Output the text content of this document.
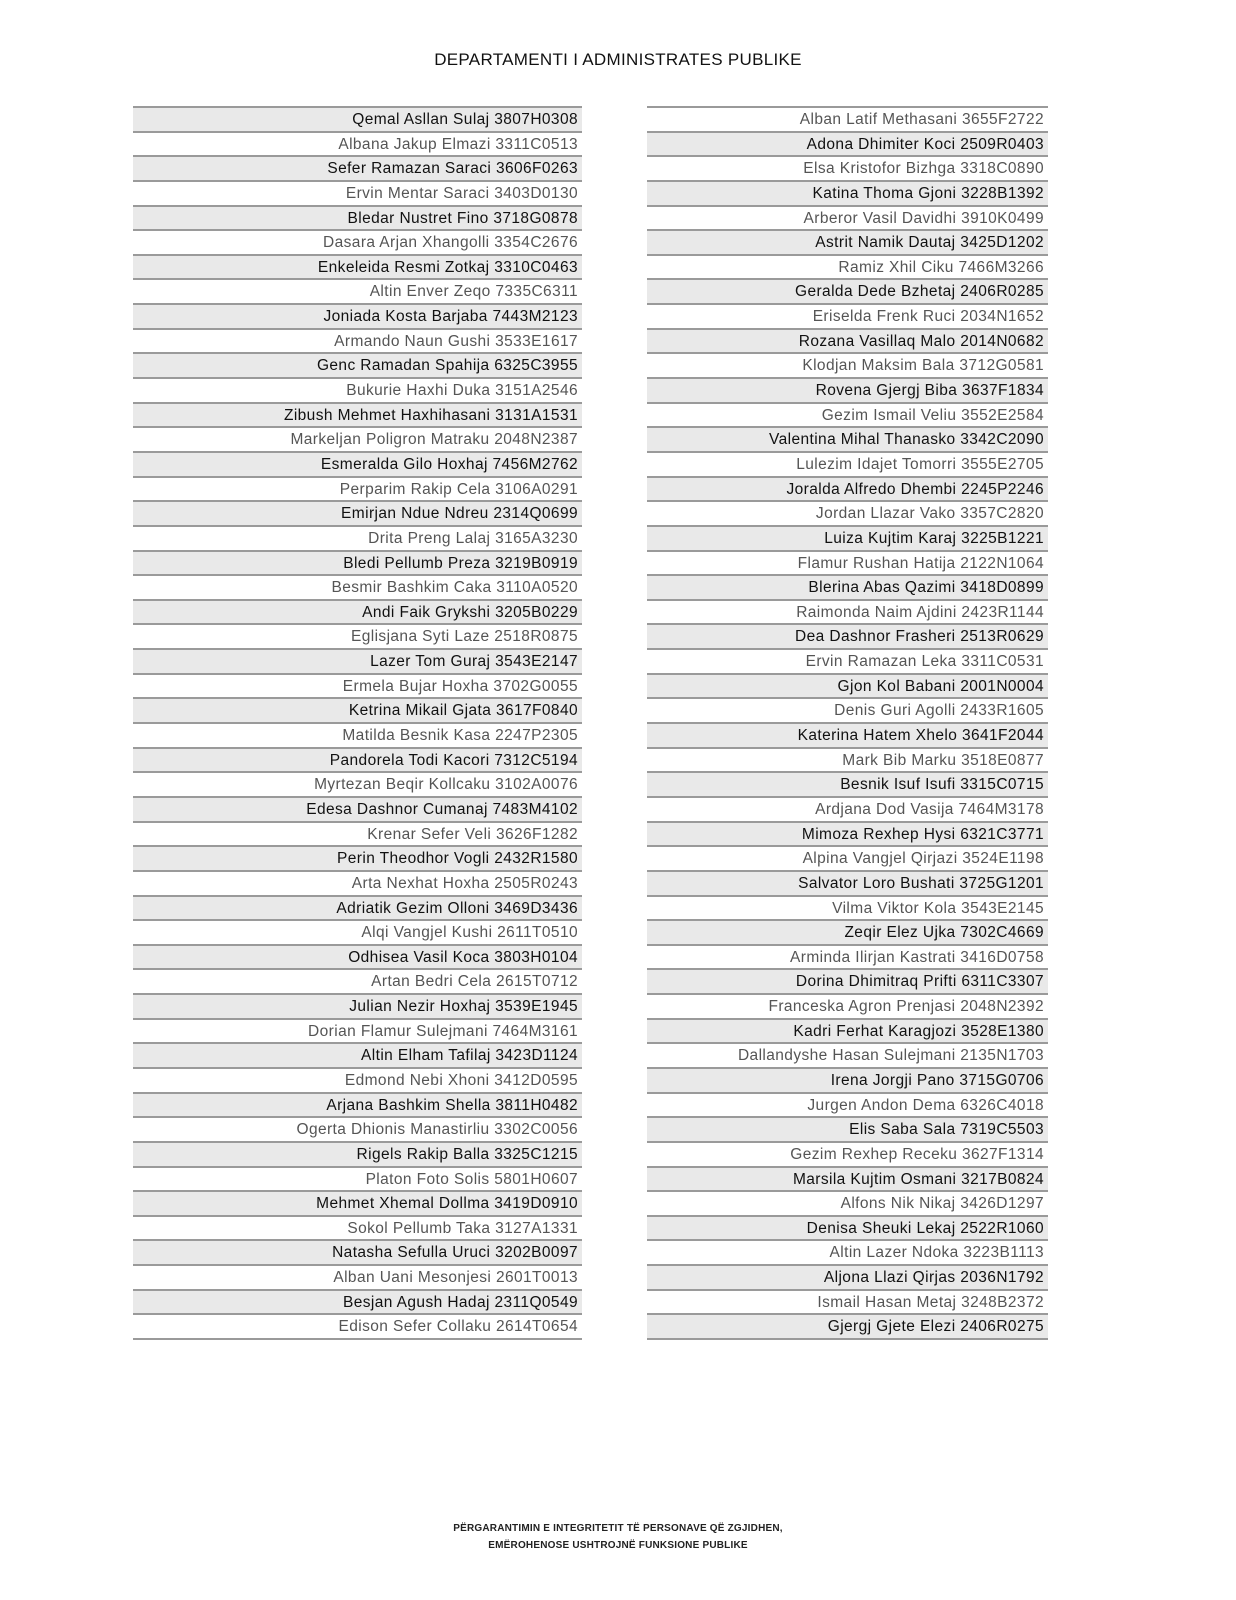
DEPARTAMENTI I ADMINISTRATES PUBLIKE
Qemal Asllan Sulaj 3807H0308
Albana Jakup Elmazi 3311C0513
Sefer Ramazan Saraci 3606F0263
Ervin Mentar Saraci 3403D0130
Bledar Nustret Fino 3718G0878
Dasara Arjan Xhangolli 3354C2676
Enkeleida Resmi Zotkaj 3310C0463
Altin Enver Zeqo 7335C6311
Joniada Kosta Barjaba 7443M2123
Armando Naun Gushi 3533E1617
Genc Ramadan Spahija 6325C3955
Bukurie Haxhi Duka 3151A2546
Zibush Mehmet Haxhihasani 3131A1531
Markeljan Poligron Matraku 2048N2387
Esmeralda Gilo Hoxhaj 7456M2762
Perparim Rakip Cela 3106A0291
Emirjan Ndue Ndreu 2314Q0699
Drita Preng Lalaj 3165A3230
Bledi Pellumb Preza 3219B0919
Besmir Bashkim Caka 3110A0520
Andi Faik Grykshi 3205B0229
Eglisjana Syti Laze 2518R0875
Lazer Tom Guraj 3543E2147
Ermela Bujar Hoxha 3702G0055
Ketrina Mikail Gjata 3617F0840
Matilda Besnik Kasa 2247P2305
Pandorela Todi Kacori 7312C5194
Myrtezan Beqir Kollcaku 3102A0076
Edesa Dashnor Cumanaj 7483M4102
Krenar Sefer Veli 3626F1282
Perin Theodhor Vogli 2432R1580
Arta Nexhat Hoxha 2505R0243
Adriatik Gezim Olloni 3469D3436
Alqi Vangjel Kushi 2611T0510
Odhisea Vasil Koca 3803H0104
Artan Bedri Cela 2615T0712
Julian Nezir Hoxhaj 3539E1945
Dorian Flamur Sulejmani 7464M3161
Altin Elham Tafilaj 3423D1124
Edmond Nebi Xhoni 3412D0595
Arjana Bashkim Shella 3811H0482
Ogerta Dhionis Manastirliu 3302C0056
Rigels Rakip Balla 3325C1215
Platon Foto Solis 5801H0607
Mehmet Xhemal Dollma 3419D0910
Sokol Pellumb Taka 3127A1331
Natasha Sefulla Uruci 3202B0097
Alban Uani Mesonjesi 2601T0013
Besjan Agush Hadaj 2311Q0549
Edison Sefer Collaku 2614T0654
Alban Latif Methasani 3655F2722
Adona Dhimiter Koci 2509R0403
Elsa Kristofor Bizhga 3318C0890
Katina Thoma Gjoni 3228B1392
Arberor Vasil Davidhi 3910K0499
Astrit Namik Dautaj 3425D1202
Ramiz Xhil Ciku 7466M3266
Geralda Dede Bzhetaj 2406R0285
Eriselda Frenk Ruci 2034N1652
Rozana Vasillaq Malo 2014N0682
Klodjan Maksim Bala 3712G0581
Rovena Gjergj Biba 3637F1834
Gezim Ismail Veliu 3552E2584
Valentina Mihal Thanasko 3342C2090
Lulezim Idajet Tomorri 3555E2705
Joralda Alfredo Dhembi 2245P2246
Jordan Llazar Vako 3357C2820
Luiza Kujtim Karaj 3225B1221
Flamur Rushan Hatija 2122N1064
Blerina Abas Qazimi 3418D0899
Raimonda Naim Ajdini 2423R1144
Dea Dashnor Frasheri 2513R0629
Ervin Ramazan Leka 3311C0531
Gjon Kol Babani 2001N0004
Denis Guri Agolli 2433R1605
Katerina Hatem Xhelo 3641F2044
Mark Bib Marku 3518E0877
Besnik Isuf Isufi 3315C0715
Ardjana Dod Vasija 7464M3178
Mimoza Rexhep Hysi 6321C3771
Alpina Vangjel Qirjazi 3524E1198
Salvator Loro Bushati 3725G1201
Vilma Viktor Kola 3543E2145
Zeqir Elez Ujka 7302C4669
Arminda Ilirjan Kastrati 3416D0758
Dorina Dhimitraq Prifti 6311C3307
Franceska Agron Prenjasi 2048N2392
Kadri Ferhat Karagjozi 3528E1380
Dallandyshe Hasan Sulejmani 2135N1703
Irena Jorgji Pano 3715G0706
Jurgen Andon Dema 6326C4018
Elis Saba Sala 7319C5503
Gezim Rexhep Receku 3627F1314
Marsila Kujtim Osmani 3217B0824
Alfons Nik Nikaj 3426D1297
Denisa Sheuki Lekaj 2522R1060
Altin Lazer Ndoka 3223B1113
Aljona Llazi Qirjas 2036N1792
Ismail Hasan Metaj 3248B2372
Gjergj Gjete Elezi 2406R0275
PËRGARANTIMIN E INTEGRITETIT TË PERSONAVE QË ZGJIDHEN,
EMËROHENOSE USHTROJNË FUNKSIONE PUBLIKE
